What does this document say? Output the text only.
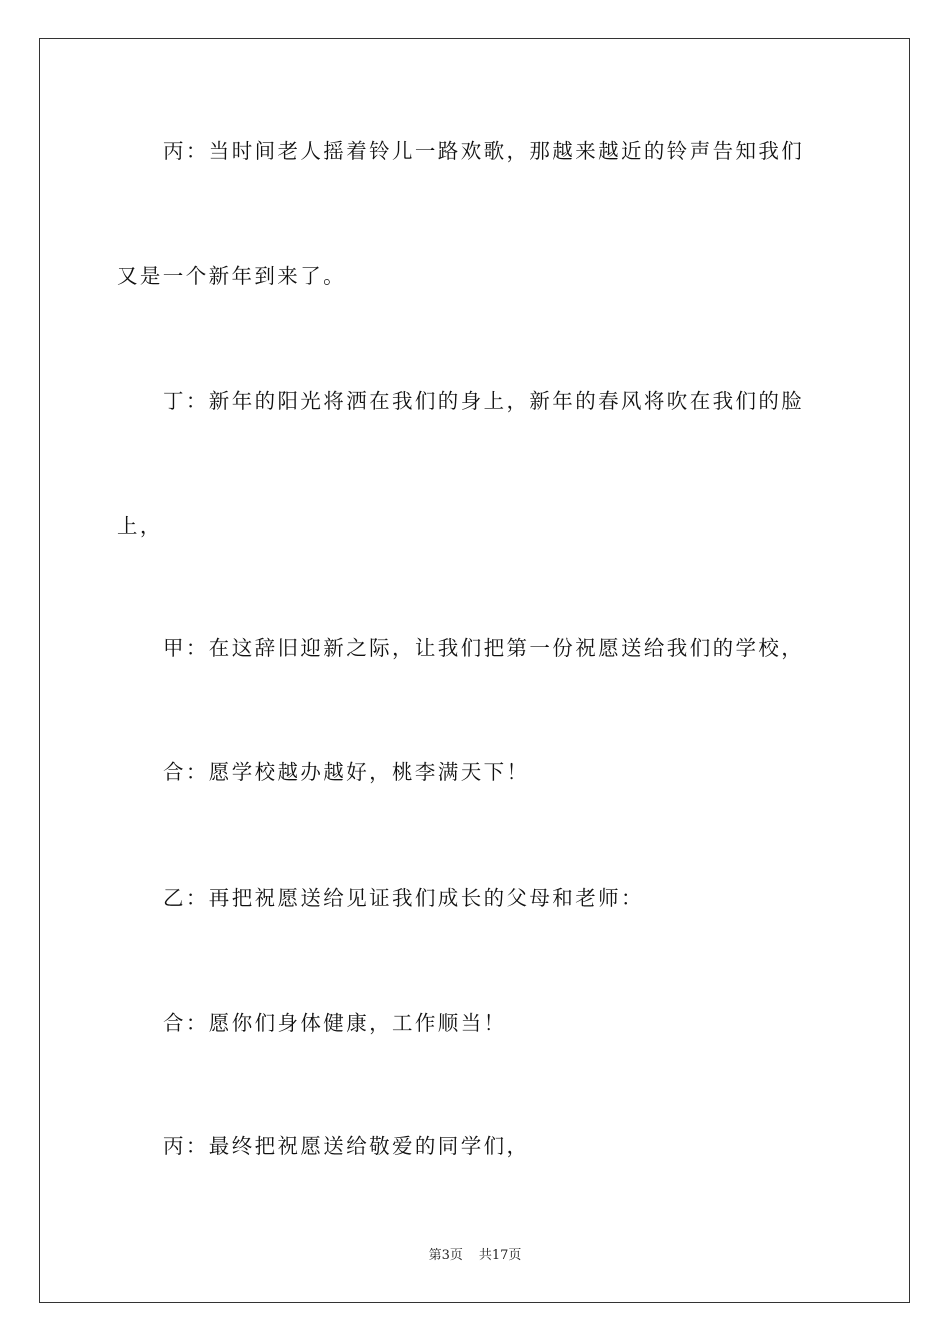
丙：当时间老人摇着铃儿一路欢歌，那越来越近的铃声告知我们
又是一个新年到来了。
丁：新年的阳光将洒在我们的身上，新年的春风将吹在我们的脸
上，
甲：在这辞旧迎新之际，让我们把第一份祝愿送给我们的学校，
合：愿学校越办越好，桃李满天下！
乙：再把祝愿送给见证我们成长的父母和老师：
合：愿你们身体健康，工作顺当！
丙：最终把祝愿送给敬爱的同学们，
第3页 共17页
